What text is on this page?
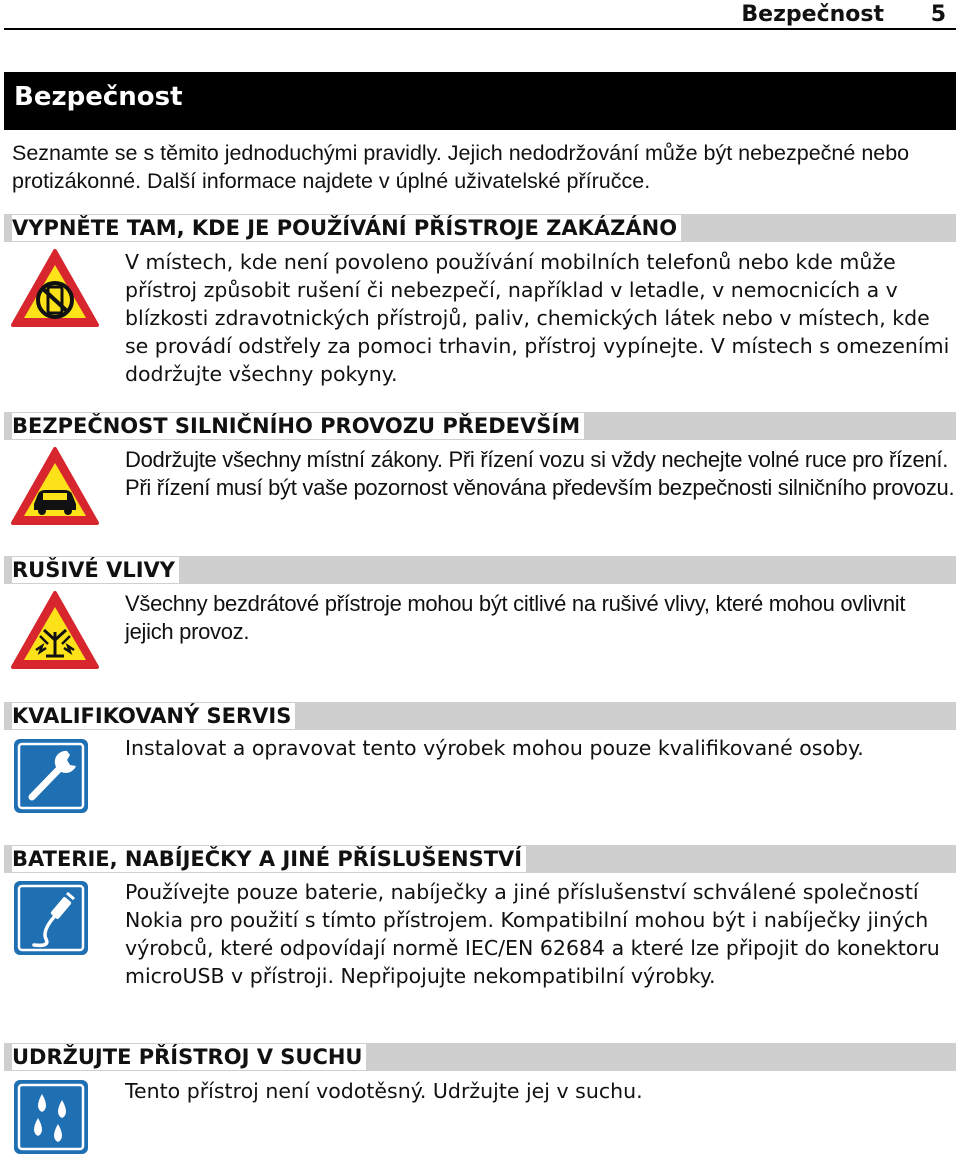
Bezpečnost 5
Bezpečnost
Seznamte se s těmito jednoduchými pravidly. Jejich nedodržování může být nebezpečné nebo protizákonné. Další informace najdete v úplné uživatelské příručce.
VYPNĚTE TAM, KDE JE POUŽÍVÁNÍ PŘÍSTROJE ZAKÁZÁNO
V místech, kde není povoleno používání mobilních telefonů nebo kde může přístroj způsobit rušení či nebezpečí, například v letadle, v nemocnicích a v blízkosti zdravotnických přístrojů, paliv, chemických látek nebo v místech, kde se provádí odstřely za pomoci trhavin, přístroj vypínejte. V místech s omezeními dodržujte všechny pokyny.
BEZPEČNOST SILNIČNÍHO PROVOZU PŘEDEVŠÍM
Dodržujte všechny místní zákony. Při řízení vozu si vždy nechejte volné ruce pro řízení. Při řízení musí být vaše pozornost věnována především bezpečnosti silničního provozu.
RUŠIVÉ VLIVY
Všechny bezdrátové přístroje mohou být citlivé na rušivé vlivy, které mohou ovlivnit jejich provoz.
KVALIFIKOVANÝ SERVIS
Instalovat a opravovat tento výrobek mohou pouze kvalifikované osoby.
BATERIE, NABÍJEČKY A JINÉ PŘÍSLUŠENSTVÍ
Používejte pouze baterie, nabíječky a jiné příslušenství schválené společností Nokia pro použití s tímto přístrojem. Kompatibilní mohou být i nabíječky jiných výrobců, které odpovídají normě IEC/EN 62684 a které lze připojit do konektoru microUSB v přístroji. Nepřipojujte nekompatibilní výrobky.
UDRŽUJTE PŘÍSTROJ V SUCHU
Tento přístroj není vodotěsný. Udržujte jej v suchu.
